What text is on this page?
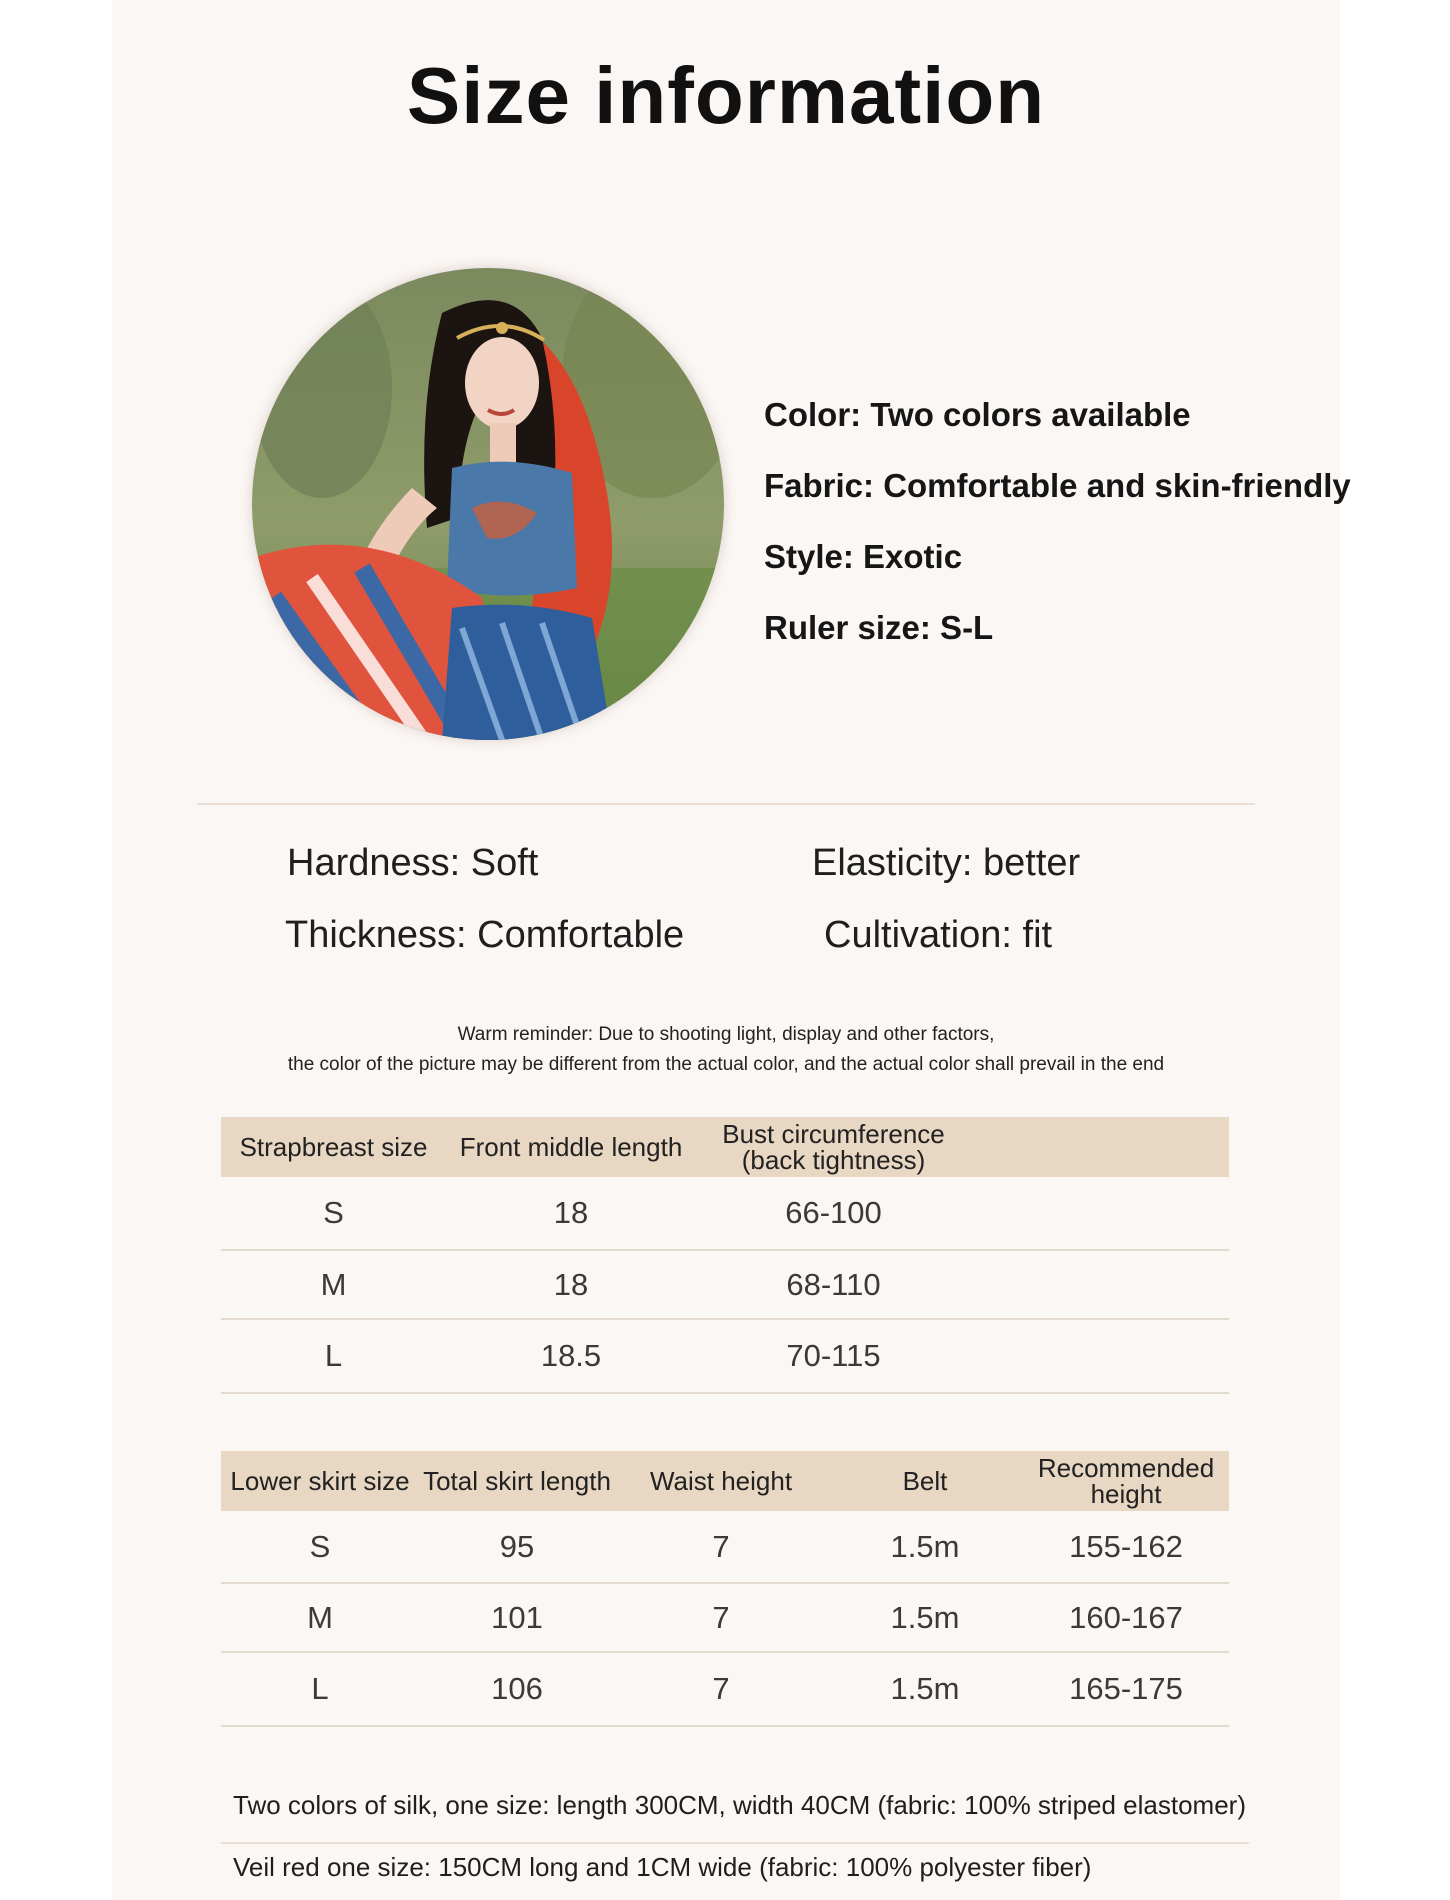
Size information
Color: Two colors available
Fabric: Comfortable and skin-friendly
Style: Exotic
Ruler size: S-L
Hardness: Soft	Elasticity: better
Thickness: Comfortable	Cultivation: fit
Warm reminder: Due to shooting light, display and other factors,
the color of the picture may be different from the actual color, and the actual color shall prevail in the end
Strapbreast size	Front middle length	Bust circumference (back tightness)	
S	18	66-100	
M	18	68-110	
L	18.5	70-115	
Lower skirt size	Total skirt length	Waist height	Belt	Recommended height
S	95	7	1.5m	155-162
M	101	7	1.5m	160-167
L	106	7	1.5m	165-175
Two colors of silk, one size: length 300CM, width 40CM (fabric: 100% striped elastomer)
Veil red one size: 150CM long and 1CM wide (fabric: 100% polyester fiber)
